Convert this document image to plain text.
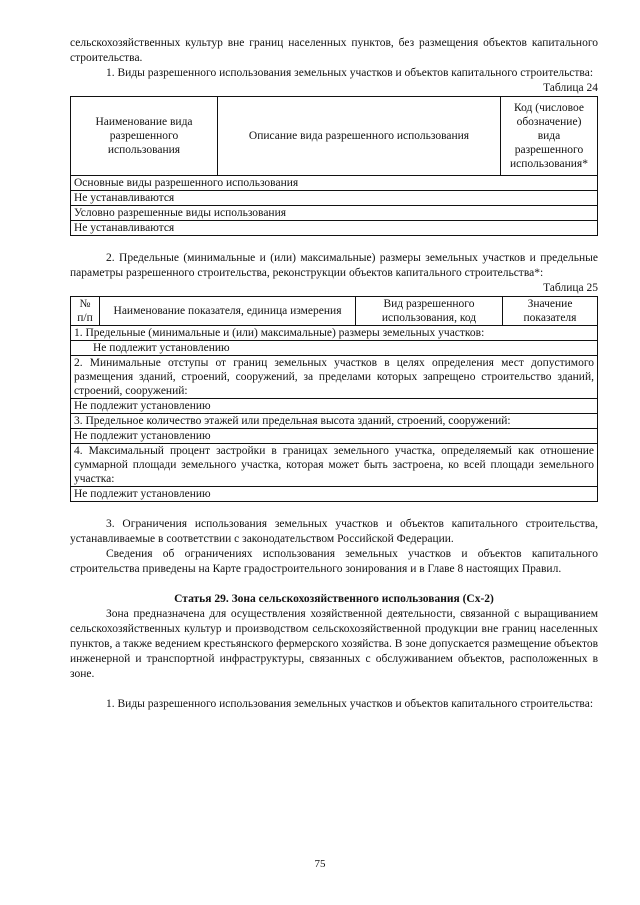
сельскохозяйственных культур вне границ населенных пунктов, без размещения объектов капитального строительства.

1. Виды разрешенного использования земельных участков и объектов капитального строительства:

Таблица 24

Наименование вида разрешенного использования	Описание вида разрешенного использования	Код (числовое обозначение) вида разрешенного использования*
Основные виды разрешенного использования
Не устанавливаются
Условно разрешенные виды использования
Не устанавливаются

2. Предельные (минимальные и (или) максимальные) размеры земельных участков и предельные параметры разрешенного строительства, реконструкции объектов капитального строительства*:

Таблица 25

№ п/п	Наименование показателя, единица измерения	Вид разрешенного использования, код	Значение показателя
1. Предельные (минимальные и (или) максимальные) размеры земельных участков:
Не подлежит установлению
2. Минимальные отступы от границ земельных участков в целях определения мест допустимого размещения зданий, строений, сооружений, за пределами которых запрещено строительство зданий, строений, сооружений:
Не подлежит установлению
3. Предельное количество этажей или предельная высота зданий, строений, сооружений:
Не подлежит установлению
4. Максимальный процент застройки в границах земельного участка, определяемый как отношение суммарной площади земельного участка, которая может быть застроена, ко всей площади земельного участка:
Не подлежит установлению

3. Ограничения использования земельных участков и объектов капитального строительства, устанавливаемые в соответствии с законодательством Российской Федерации.

Сведения об ограничениях использования земельных участков и объектов капитального строительства приведены на Карте градостроительного зонирования и в Главе 8 настоящих Правил.

Статья 29. Зона сельскохозяйственного использования (Сх-2)

Зона предназначена для осуществления хозяйственной деятельности, связанной с выращиванием сельскохозяйственных культур и производством сельскохозяйственной продукции вне границ населенных пунктов, а также ведением крестьянского фермерского хозяйства. В зоне допускается размещение объектов инженерной и транспортной инфраструктуры, связанных с обслуживанием объектов, расположенных в зоне.

1. Виды разрешенного использования земельных участков и объектов капитального строительства:

75
